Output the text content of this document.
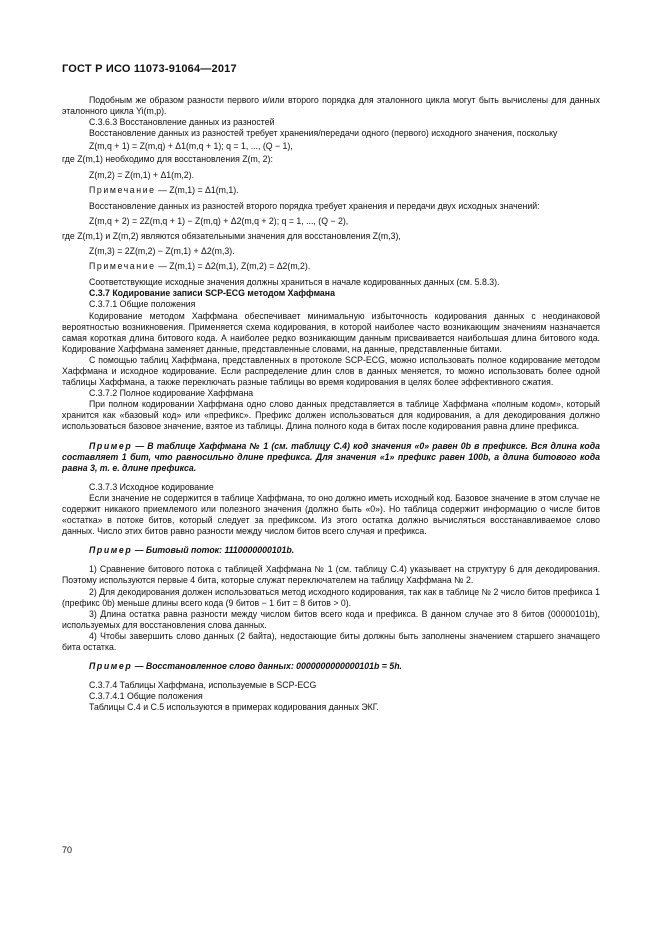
ГОСТ Р ИСО 11073-91064—2017

Подобным же образом разности первого и/или второго порядка для эталонного цикла могут быть вычислены для данных эталонного цикла Yi(m,p).

С.3.6.3 Восстановление данных из разностей

Восстановление данных из разностей требует хранения/передачи одного (первого) исходного значения, поскольку

Z(m,q + 1) = Z(m,q) + Δ1(m,q + 1); q = 1, ..., (Q − 1),

где Z(m,1) необходимо для восстановления Z(m, 2):

Z(m,2) = Z(m,1) + Δ1(m,2).

Примечание — Z(m,1) = Δ1(m,1).

Восстановление данных из разностей второго порядка требует хранения и передачи двух исходных значений:

Z(m,q + 2) = 2Z(m,q + 1) − Z(m,q) + Δ2(m,q + 2); q = 1, ..., (Q − 2),

где Z(m,1) и Z(m,2) являются обязательными значения для восстановления Z(m,3),

Z(m,3) = 2Z(m,2) − Z(m,1) + Δ2(m,3).

Примечание — Z(m,1) = Δ2(m,1), Z(m,2) = Δ2(m,2).

Соответствующие исходные значения должны храниться в начале кодированных данных (см. 5.8.3).

С.3.7 Кодирование записи SCP-ECG методом Хаффмана

С.3.7.1 Общие положения

Кодирование методом Хаффмана обеспечивает минимальную избыточность кодирования данных с неодинаковой вероятностью возникновения. Применяется схема кодирования, в которой наиболее часто возникающим значениям назначается самая короткая длина битового кода. А наиболее редко возникающим данным присваивается наибольшая длина битового кода. Кодирование Хаффмана заменяет данные, представленные словами, на данные, представленные битами.

С помощью таблиц Хаффмана, представленных в протоколе SCP-ECG, можно использовать полное кодирование методом Хаффмана и исходное кодирование. Если распределение длин слов в данных меняется, то можно использовать более одной таблицы Хаффмана, а также переключать разные таблицы во время кодирования в целях более эффективного сжатия.

С.3.7.2 Полное кодирование Хаффмана

При полном кодировании Хаффмана одно слово данных представляется в таблице Хаффмана «полным кодом», который хранится как «базовый код» или «префикс». Префикс должен использоваться для кодирования, а для декодирования должно использоваться базовое значение, взятое из таблицы. Длина полного кода в битах после кодирования равна длине префикса.

Пример — В таблице Хаффмана № 1 (см. таблицу С.4) код значения «0» равен 0b в префиксе. Вся длина кода составляет 1 бит, что равносильно длине префикса. Для значения «1» префикс равен 100b, а длина битового кода равна 3, т. е. длине префикса.

С.3.7.3 Исходное кодирование

Если значение не содержится в таблице Хаффмана, то оно должно иметь исходный код. Базовое значение в этом случае не содержит никакого приемлемого или полезного значения (должно быть «0»). Но таблица содержит информацию о числе битов «остатка» в потоке битов, который следует за префиксом. Из этого остатка должно вычисляться восстанавливаемое слово данных. Число этих битов равно разности между числом битов всего случая и префикса.

Пример — Битовый поток: 1110000000101b.

1) Сравнение битового потока с таблицей Хаффмана № 1 (см. таблицу С.4) указывает на структуру 6 для декодирования. Поэтому используются первые 4 бита, которые служат переключателем на таблицу Хаффмана № 2.

2) Для декодирования должен использоваться метод исходного кодирования, так как в таблице № 2 число битов префикса 1 (префикс 0b) меньше длины всего кода (9 битов − 1 бит = 8 битов > 0).

3) Длина остатка равна разности между числом битов всего кода и префикса. В данном случае это 8 битов (00000101b), используемых для восстановления слова данных.

4) Чтобы завершить слово данных (2 байта), недостающие биты должны быть заполнены значением старшего значащего бита остатка.

Пример — Восстановленное слово данных: 0000000000000101b = 5h.

С.3.7.4 Таблицы Хаффмана, используемые в SCP-ECG

С.3.7.4.1 Общие положения

Таблицы С.4 и С.5 используются в примерах кодирования данных ЭКГ.

70
